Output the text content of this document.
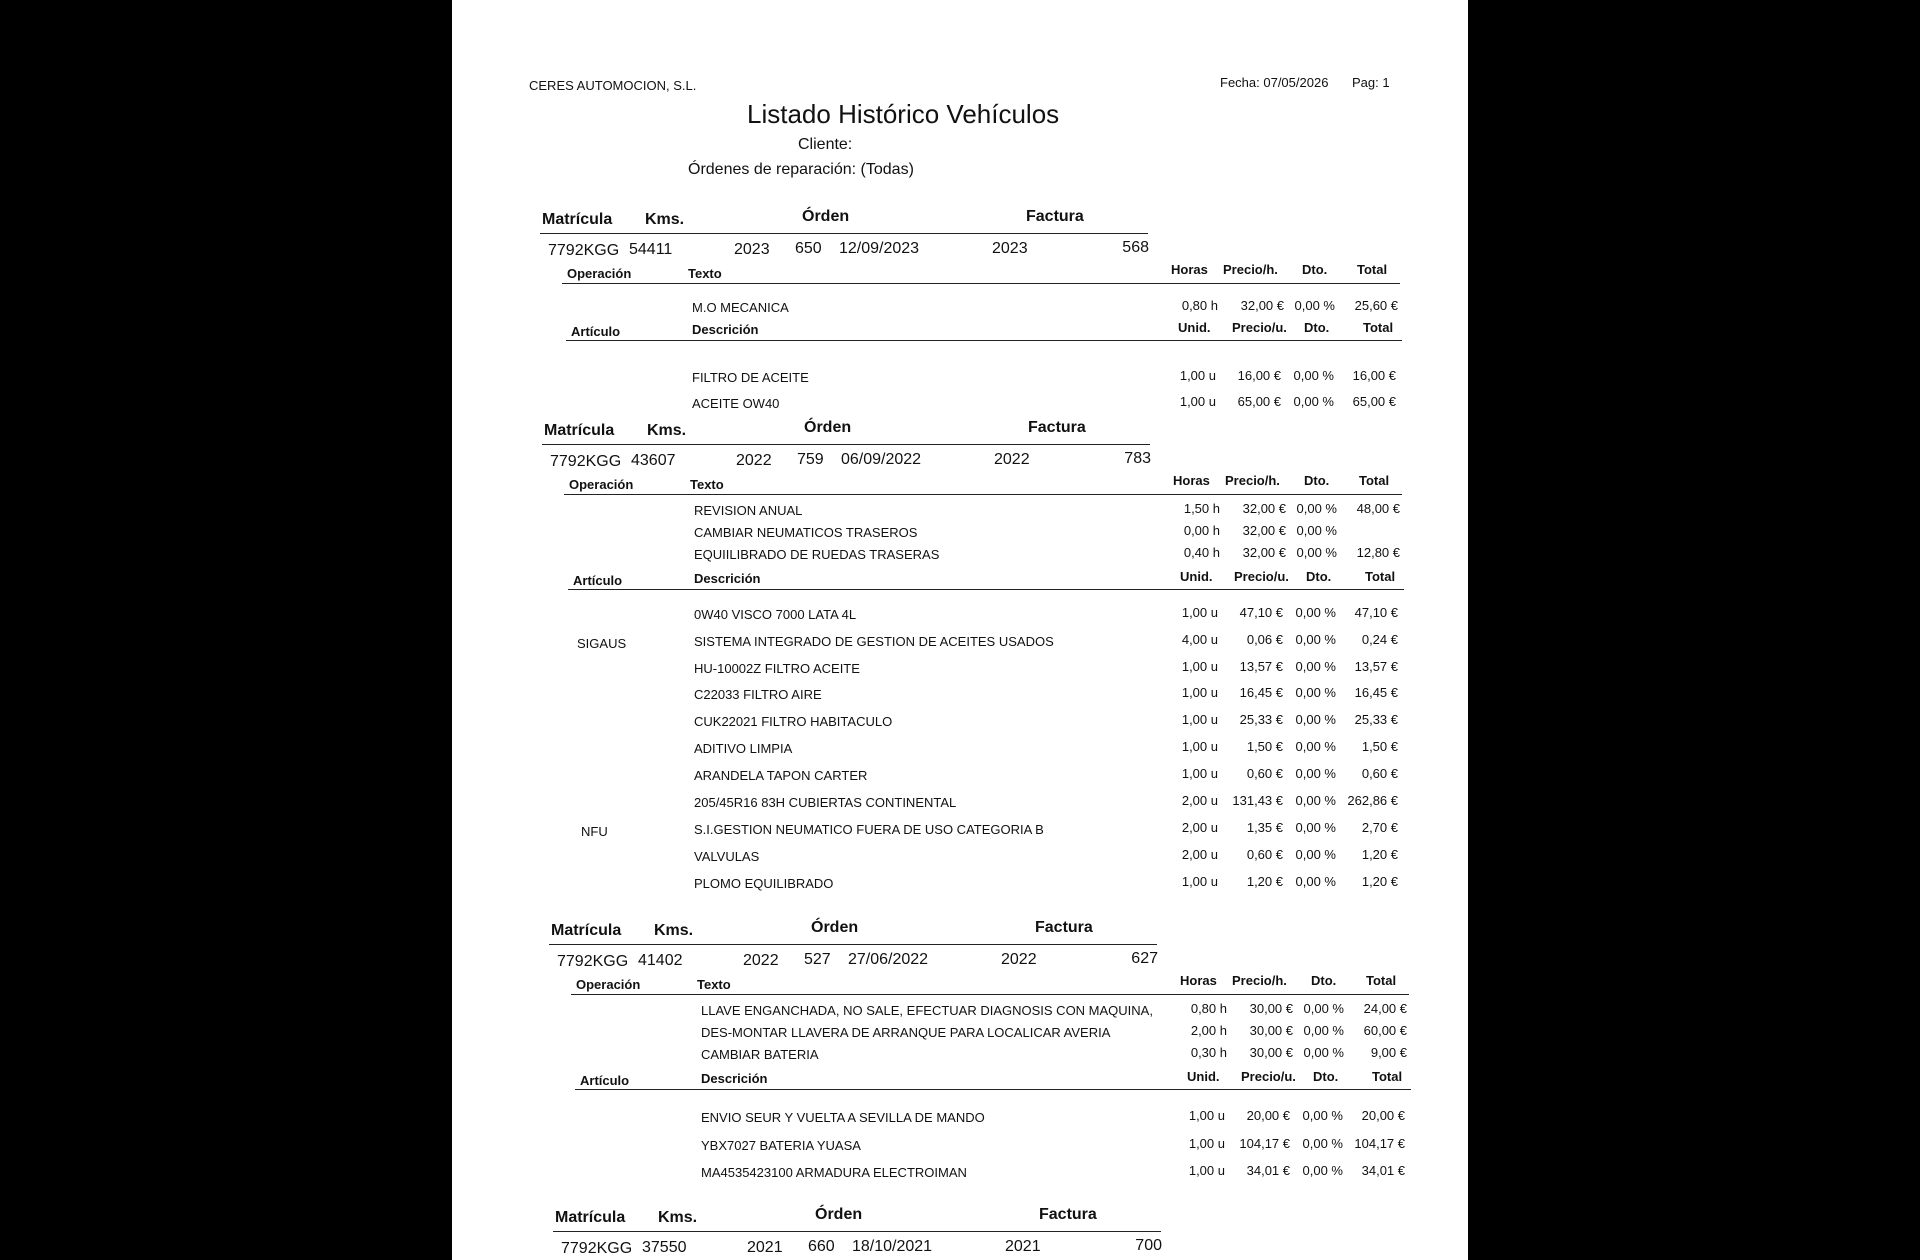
CERES AUTOMOCION, S.L.	Fecha: 07/05/2026 Pag: 1
Listado Histórico Vehículos
Cliente:
Órdenes de reparación: (Todas)
Matrícula Kms.	Órden	Factura
7792KGG 54411	2023 650 12/09/2023	2023	568
Operación	Texto	Horas Precio/h. Dto. Total
M.O MECANICA	0,80 h 32,00 € 0,00 % 25,60 €
Artículo	Descrición	Unid. Precio/u. Dto.	Total
FILTRO DE ACEITE	1,00 u 16,00 € 0,00 % 16,00 €
ACEITE OW40	1,00 u 65,00 € 0,00 % 65,00 €
Matrícula Kms.	Órden	Factura
7792KGG 43607	2022 759 06/09/2022	2022	783
Operación	Texto	Horas Precio/h. Dto. Total
REVISION ANUAL	1,50 h 32,00 € 0,00 % 48,00 €
CAMBIAR NEUMATICOS TRASEROS	0,00 h 32,00 € 0,00 %
EQUIILIBRADO DE RUEDAS TRASERAS	0,40 h 32,00 € 0,00 % 12,80 €
Artículo	Descrición	Unid. Precio/u. Dto.	Total
0W40 VISCO 7000 LATA 4L	1,00 u 47,10 € 0,00 % 47,10 €
SIGAUS	SISTEMA INTEGRADO DE GESTION DE ACEITES USADOS	4,00 u 0,06 € 0,00 % 0,24 €
HU-10002Z FILTRO ACEITE	1,00 u 13,57 € 0,00 % 13,57 €
C22033 FILTRO AIRE	1,00 u 16,45 € 0,00 % 16,45 €
CUK22021 FILTRO HABITACULO	1,00 u 25,33 € 0,00 % 25,33 €
ADITIVO LIMPIA	1,00 u 1,50 € 0,00 % 1,50 €
ARANDELA TAPON CARTER	1,00 u 0,60 € 0,00 % 0,60 €
205/45R16 83H CUBIERTAS CONTINENTAL	2,00 u 131,43 € 0,00 % 262,86 €
NFU	S.I.GESTION NEUMATICO FUERA DE USO CATEGORIA B	2,00 u 1,35 € 0,00 % 2,70 €
VALVULAS	2,00 u 0,60 € 0,00 % 1,20 €
PLOMO EQUILIBRADO	1,00 u 1,20 € 0,00 % 1,20 €
Matrícula Kms.	Órden	Factura
7792KGG 41402	2022 527 27/06/2022	2022	627
Operación	Texto	Horas Precio/h. Dto. Total
LLAVE ENGANCHADA, NO SALE, EFECTUAR DIAGNOSIS CON MAQUINA,	0,80 h 30,00 € 0,00 % 24,00 €
DES-MONTAR LLAVERA DE ARRANQUE PARA LOCALICAR AVERIA	2,00 h 30,00 € 0,00 % 60,00 €
CAMBIAR BATERIA	0,30 h 30,00 € 0,00 % 9,00 €
Artículo	Descrición	Unid. Precio/u. Dto.	Total
ENVIO SEUR Y VUELTA A SEVILLA DE MANDO	1,00 u 20,00 € 0,00 % 20,00 €
YBX7027 BATERIA YUASA	1,00 u 104,17 € 0,00 % 104,17 €
MA4535423100 ARMADURA ELECTROIMAN	1,00 u 34,01 € 0,00 % 34,01 €
Matrícula Kms.	Órden	Factura
7792KGG 37550	2021 660 18/10/2021	2021	700
